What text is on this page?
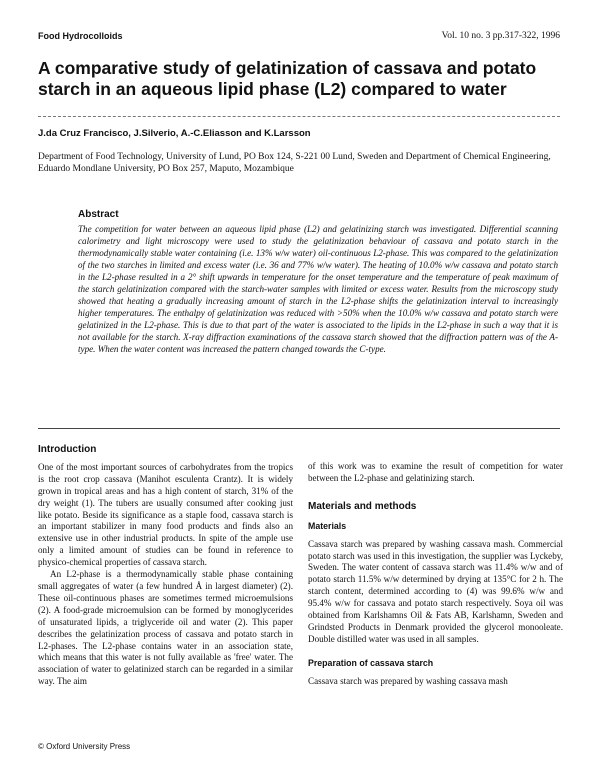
Food Hydrocolloids	Vol. 10 no. 3 pp.317-322, 1996
A comparative study of gelatinization of cassava and potato starch in an aqueous lipid phase (L2) compared to water
J.da Cruz Francisco, J.Silverio, A.-C.Eliasson and K.Larsson
Department of Food Technology, University of Lund, PO Box 124, S-221 00 Lund, Sweden and Department of Chemical Engineering, Eduardo Mondlane University, PO Box 257, Maputo, Mozambique
Abstract
The competition for water between an aqueous lipid phase (L2) and gelatinizing starch was investigated. Differential scanning calorimetry and light microscopy were used to study the gelatinization behaviour of cassava and potato starch in the thermodynamically stable water containing (i.e. 13% w/w water) oil-continuous L2-phase. This was compared to the gelatinization of the two starches in limited and excess water (i.e. 36 and 77% w/w water). The heating of 10.0% w/w cassava and potato starch in the L2-phase resulted in a 2° shift upwards in temperature for the onset temperature and the temperature of peak maximum of the starch gelatinization compared with the starch-water samples with limited or excess water. Results from the microscopy study showed that heating a gradually increasing amount of starch in the L2-phase shifts the gelatinization interval to increasingly higher temperatures. The enthalpy of gelatinization was reduced with >50% when the 10.0% w/w cassava and potato starch were gelatinized in the L2-phase. This is due to that part of the water is associated to the lipids in the L2-phase in such a way that it is not available for the starch. X-ray diffraction examinations of the cassava starch showed that the diffraction pattern was of the A-type. When the water content was increased the pattern changed towards the C-type.
Introduction

One of the most important sources of carbohydrates from the tropics is the root crop cassava (Manihot esculenta Crantz). It is widely grown in tropical areas and has a high content of starch, 31% of the dry weight (1). The tubers are usually consumed after cooking just like potato. Beside its significance as a staple food, cassava starch is an important stabilizer in many food products and finds also an extensive use in other industrial products. In spite of the ample use only a limited amount of studies can be found in reference to physico-chemical properties of cassava starch.

An L2-phase is a thermodynamically stable phase containing small aggregates of water (a few hundred Å in largest diameter) (2). These oil-continuous phases are sometimes termed microemulsions (2). A food-grade microemulsion can be formed by monoglycerides of unsaturated lipids, a triglyceride oil and water (2). This paper describes the gelatinization process of cassava and potato starch in L2-phases. The L2-phase contains water in an association state, which means that this water is not fully available as 'free' water. The association of water to gelatinized starch can be regarded in a similar way. The aim

of this work was to examine the result of competition for water between the L2-phase and gelatinizing starch.

Materials and methods
Materials

Cassava starch was prepared by washing cassava mash. Commercial potato starch was used in this investigation, the supplier was Lyckeby, Sweden. The water content of cassava starch was 11.4% w/w and of potato starch 11.5% w/w determined by drying at 135°C for 2 h. The starch content, determined according to (4) was 99.6% w/w and 95.4% w/w for cassava and potato starch respectively. Soya oil was obtained from Karlshamns Oil & Fats AB, Karlshamn, Sweden and Grindsted Products in Denmark provided the glycerol monooleate. Double distilled water was used in all samples.

Preparation of cassava starch

Cassava starch was prepared by washing cassava mash

© Oxford University Press
